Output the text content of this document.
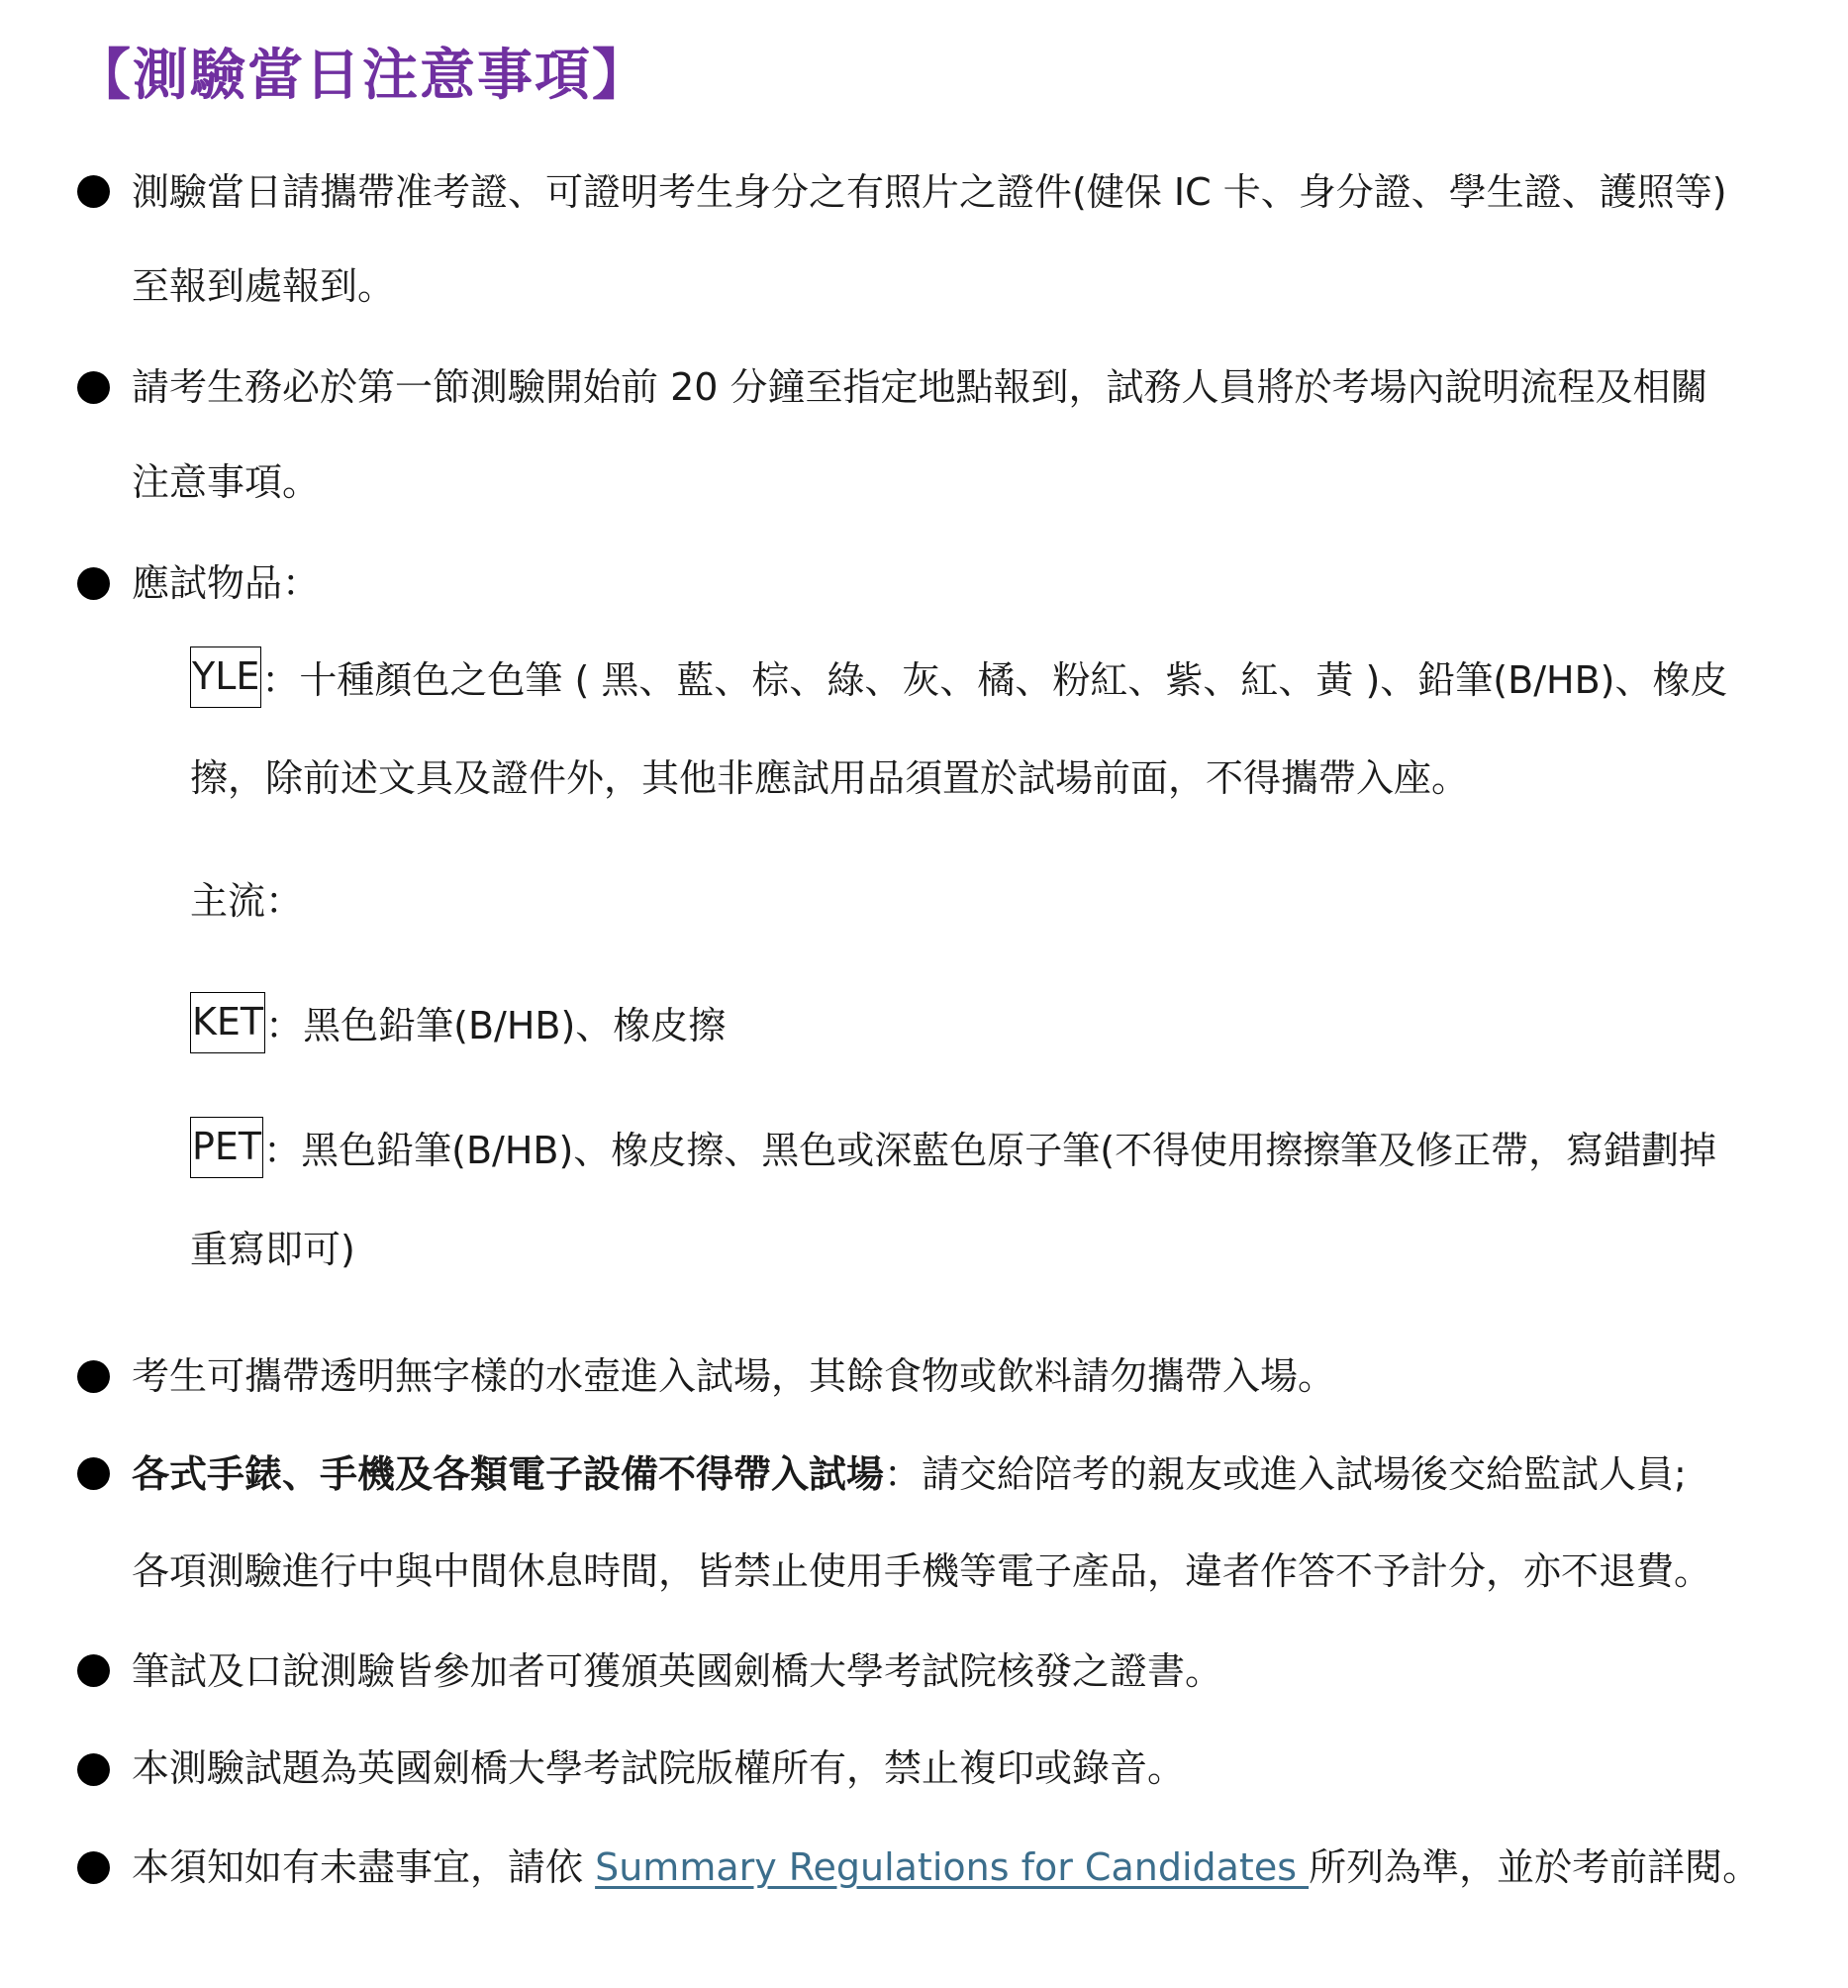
【測驗當日注意事項】
測驗當日請攜帶准考證、可證明考生身分之有照片之證件(健保 IC 卡、身分證、學生證、護照等)
至報到處報到。
請考生務必於第一節測驗開始前 20 分鐘至指定地點報到，試務人員將於考場內說明流程及相關
注意事項。
應試物品：
YLE：十種顏色之色筆 ( 黑、藍、棕、綠、灰、橘、粉紅、紫、紅、黃 )、鉛筆(B/HB)、橡皮
擦，除前述文具及證件外，其他非應試用品須置於試場前面，不得攜帶入座。
主流：
KET：黑色鉛筆(B/HB)、橡皮擦
PET：黑色鉛筆(B/HB)、橡皮擦、黑色或深藍色原子筆(不得使用擦擦筆及修正帶，寫錯劃掉
重寫即可)
考生可攜帶透明無字樣的水壺進入試場，其餘食物或飲料請勿攜帶入場。
各式手錶、手機及各類電子設備不得帶入試場：請交給陪考的親友或進入試場後交給監試人員;
各項測驗進行中與中間休息時間，皆禁止使用手機等電子產品，違者作答不予計分，亦不退費。
筆試及口說測驗皆參加者可獲頒英國劍橋大學考試院核發之證書。
本測驗試題為英國劍橋大學考試院版權所有，禁止複印或錄音。
本須知如有未盡事宜，請依 Summary Regulations for Candidates 所列為準，並於考前詳閱。
